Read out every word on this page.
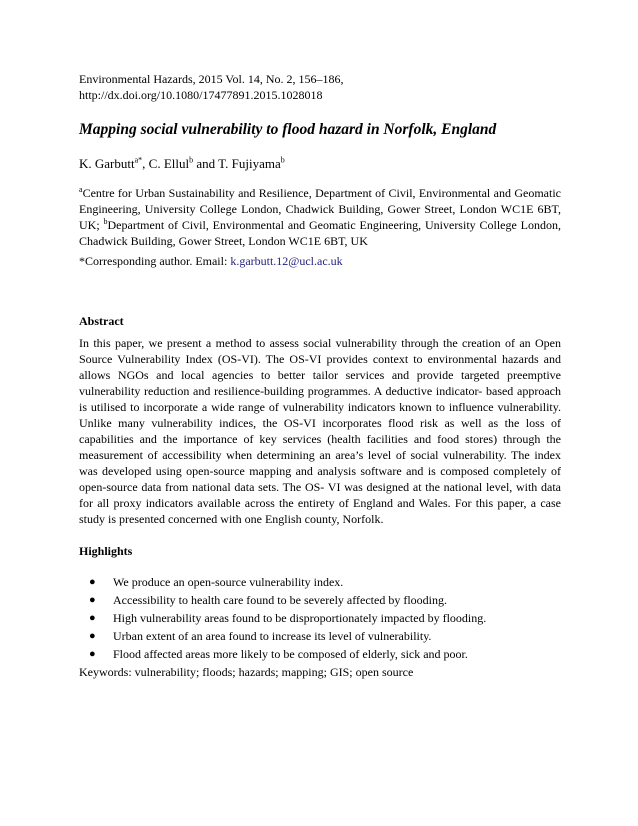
Environmental Hazards, 2015 Vol. 14, No. 2, 156–186,
http://dx.doi.org/10.1080/17477891.2015.1028018
Mapping social vulnerability to flood hazard in Norfolk, England
K. Garbutt$^{a*}$, C. Ellul$^b$ and T. Fujiyama$^b$
$^a$Centre for Urban Sustainability and Resilience, Department of Civil, Environmental and Geomatic Engineering, University College London, Chadwick Building, Gower Street, London WC1E 6BT, UK; $^b$Department of Civil, Environmental and Geomatic Engineering, University College London, Chadwick Building, Gower Street, London WC1E 6BT, UK
*Corresponding author. Email: k.garbutt.12@ucl.ac.uk
Abstract
In this paper, we present a method to assess social vulnerability through the creation of an Open Source Vulnerability Index (OS-VI). The OS-VI provides context to environmental hazards and allows NGOs and local agencies to better tailor services and provide targeted preemptive vulnerability reduction and resilience-building programmes. A deductive indicator- based approach is utilised to incorporate a wide range of vulnerability indicators known to influence vulnerability. Unlike many vulnerability indices, the OS-VI incorporates flood risk as well as the loss of capabilities and the importance of key services (health facilities and food stores) through the measurement of accessibility when determining an area’s level of social vulnerability. The index was developed using open-source mapping and analysis software and is composed completely of open-source data from national data sets. The OS- VI was designed at the national level, with data for all proxy indicators available across the entirety of England and Wales. For this paper, a case study is presented concerned with one English county, Norfolk.
Highlights
● We produce an open-source vulnerability index.
● Accessibility to health care found to be severely affected by flooding.
● High vulnerability areas found to be disproportionately impacted by flooding.
● Urban extent of an area found to increase its level of vulnerability.
● Flood affected areas more likely to be composed of elderly, sick and poor.
Keywords: vulnerability; floods; hazards; mapping; GIS; open source
